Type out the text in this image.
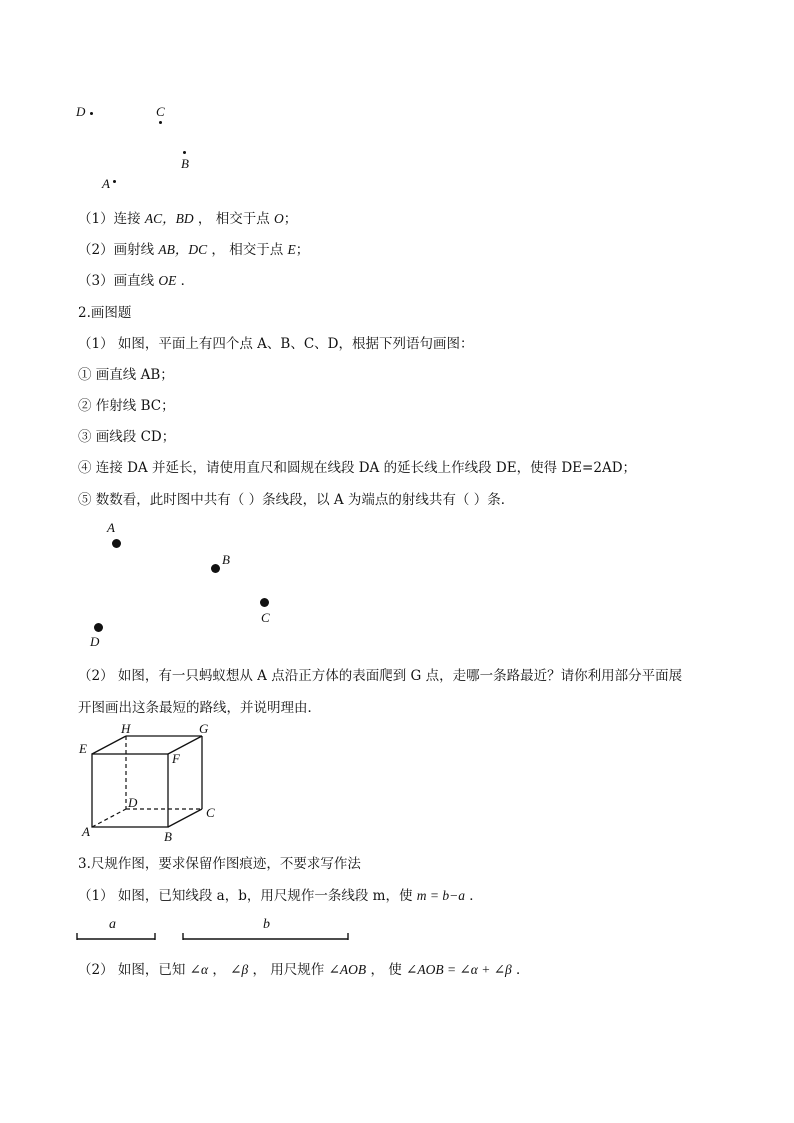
D	C
B
A
（1）连接 AC，BD ， 相交于点 O；
（2）画射线 AB，DC ， 相交于点 E；
（3）画直线 OE ．
2.画图题
（1） 如图，平面上有四个点 A、B、C、D，根据下列语句画图：
① 画直线 AB；
② 作射线 BC；
③ 画线段 CD；
④ 连接 DA 并延长，请使用直尺和圆规在线段 DA 的延长线上作线段 DE，使得 DE=2AD；
⑤ 数数看，此时图中共有（ ）条线段，以 A 为端点的射线共有（ ）条．
A
B
C
D
（2） 如图，有一只蚂蚁想从 A 点沿正方体的表面爬到 G 点，走哪一条路最近？请你利用部分平面展
开图画出这条最短的路线，并说明理由．
H	G
E
F
D
C
A	B
3.尺规作图，要求保留作图痕迹，不要求写作法
（1） 如图，已知线段 a，b，用尺规作一条线段 m，使 m = b−a ．
a	b
（2） 如图，已知 ∠α ， ∠β ， 用尺规作 ∠AOB ， 使 ∠AOB = ∠α + ∠β ．
